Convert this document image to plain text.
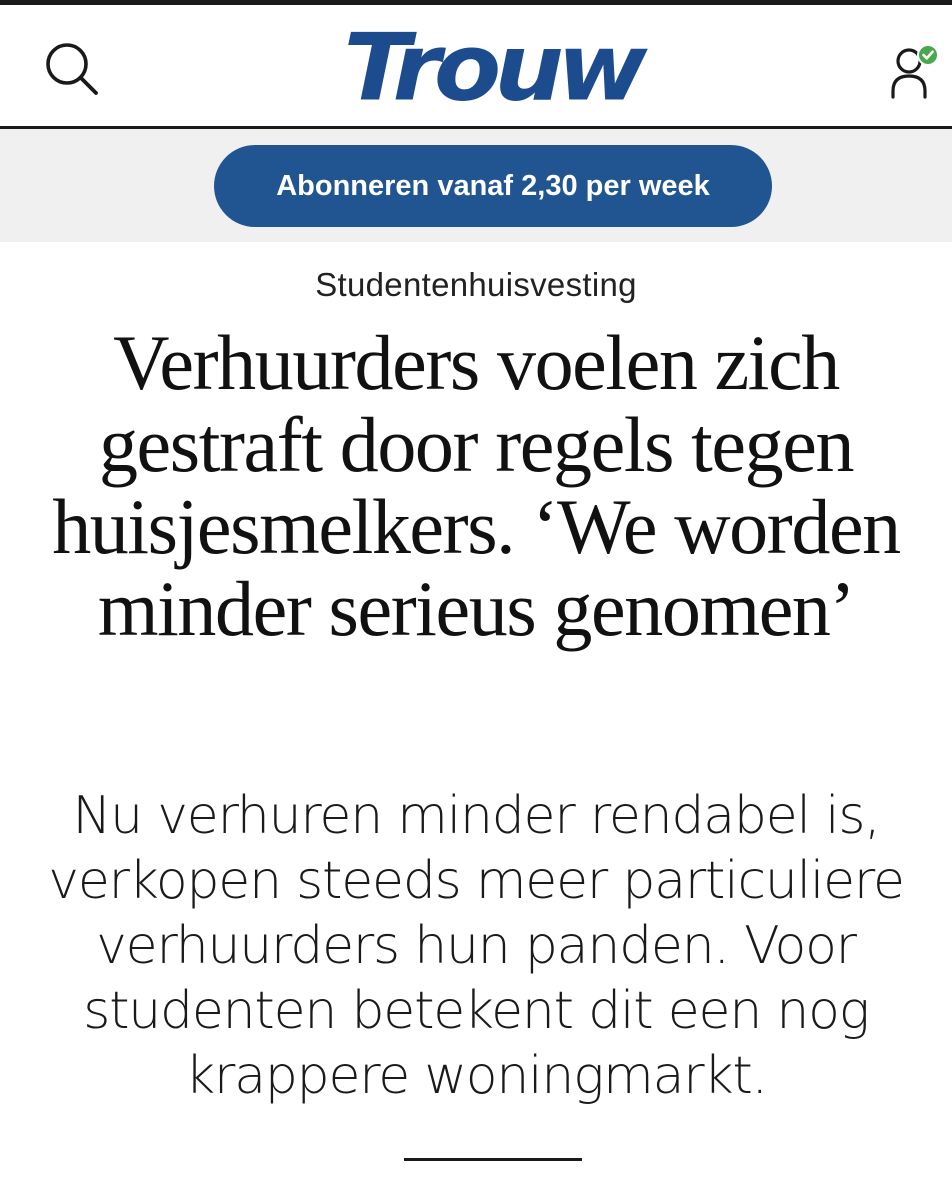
Trouw
Abonneren vanaf 2,30 per week
Studentenhuisvesting
Verhuurders voelen zich gestraft door regels tegen huisjesmelkers. ‘We worden minder serieus genomen’

Nu verhuren minder rendabel is, verkopen steeds meer particuliere verhuurders hun panden. Voor studenten betekent dit een nog krappere woningmarkt.
